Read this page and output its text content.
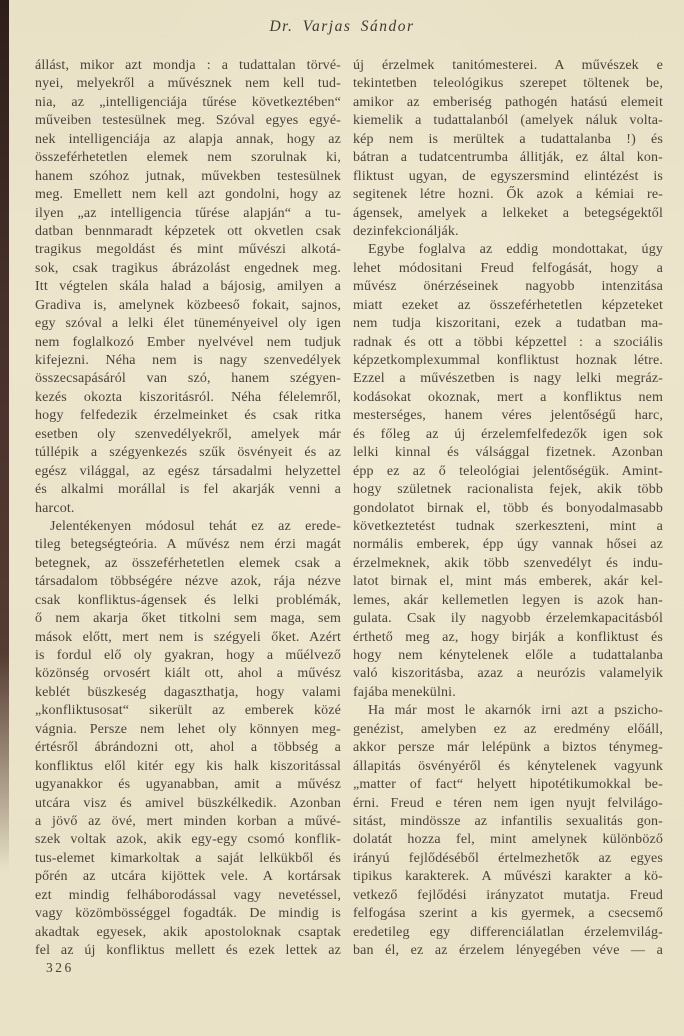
Dr. Varjas Sándor
állást, mikor azt mondja : a tudattalan törvé-
nyei, melyekről a művésznek nem kell tud-
nia, az „intelligenciája tűrése következtében“
műveiben testesülnek meg. Szóval egyes egyé-
nek intelligenciája az alapja annak, hogy az
összeférhetetlen elemek nem szorulnak ki,
hanem szóhoz jutnak, művekben testesülnek
meg. Emellett nem kell azt gondolni, hogy az
ilyen „az intelligencia tűrése alapján“ a tu-
datban bennmaradt képzetek ott okvetlen csak
tragikus megoldást és mint művészi alkotá-
sok, csak tragikus ábrázolást engednek meg.
Itt végtelen skála halad a bájosig, amilyen a
Gradiva is, amelynek közbeeső fokait, sajnos,
egy szóval a lelki élet tüneményeivel oly igen
nem foglalkozó Ember nyelvével nem tudjuk
kifejezni. Néha nem is nagy szenvedélyek
összecsapásáról van szó, hanem szégyen-
kezés okozta kiszoritásról. Néha félelemről,
hogy felfedezik érzelmeinket és csak ritka
esetben oly szenvedélyekről, amelyek már
túllépik a szégyenkezés szűk ösvényeit és az
egész világgal, az egész társadalmi helyzettel
és alkalmi morállal is fel akarják venni a
harcot.
Jelentékenyen módosul tehát ez az erede-
tileg betegségteória. A művész nem érzi magát
betegnek, az összeférhetetlen elemek csak a
társadalom többségére nézve azok, rája nézve
csak konfliktus-ágensek és lelki problémák,
ő nem akarja őket titkolni sem maga, sem
mások előtt, mert nem is szégyeli őket. Azért
is fordul elő oly gyakran, hogy a műélvező
közönség orvosért kiált ott, ahol a művész
keblét büszkeség dagaszthatja, hogy valami
„konfliktusosat“ sikerült az emberek közé
vágnia. Persze nem lehet oly könnyen meg-
értésről ábrándozni ott, ahol a többség a
konfliktus elől kitér egy kis halk kiszoritással
ugyanakkor és ugyanabban, amit a művész
utcára visz és amivel büszkélkedik. Azonban
a jövő az övé, mert minden korban a művé-
szek voltak azok, akik egy-egy csomó konflik-
tus-elemet kimarkoltak a saját lelkükből és
pőrén az utcára kijöttek vele. A kortársak
ezt mindig felháborodással vagy nevetéssel,
vagy közömbösséggel fogadták. De mindig is
akadtak egyesek, akik apostoloknak csaptak
fel az új konfliktus mellett és ezek lettek az
új érzelmek tanitómesterei. A művészek e
tekintetben teleológikus szerepet töltenek be,
amikor az emberiség pathogén hatású elemeit
kiemelik a tudattalanból (amelyek náluk volta-
kép nem is merültek a tudattalanba !) és
bátran a tudatcentrumba állitják, ez által kon-
fliktust ugyan, de egyszersmind elintézést is
segitenek létre hozni. Ők azok a kémiai re-
ágensek, amelyek a lelkeket a betegségektől
dezinfekcionálják.
Egybe foglalva az eddig mondottakat, úgy
lehet módositani Freud felfogását, hogy a
művész önérzéseinek nagyobb intenzitása
miatt ezeket az összeférhetetlen képzeteket
nem tudja kiszoritani, ezek a tudatban ma-
radnak és ott a többi képzettel : a szociális
képzetkomplexummal konfliktust hoznak létre.
Ezzel a művészetben is nagy lelki megráz-
kodásokat okoznak, mert a konfliktus nem
mesterséges, hanem véres jelentőségű harc,
és főleg az új érzelemfelfedezők igen sok
lelki kinnal és válsággal fizetnek. Azonban
épp ez az ő teleológiai jelentőségük. Amint-
hogy születnek racionalista fejek, akik több
gondolatot birnak el, több és bonyodalmasabb
következtetést tudnak szerkeszteni, mint a
normális emberek, épp úgy vannak hősei az
érzelmeknek, akik több szenvedélyt és indu-
latot birnak el, mint más emberek, akár kel-
lemes, akár kellemetlen legyen is azok han-
gulata. Csak ily nagyobb érzelemkapacitásból
érthető meg az, hogy birják a konfliktust és
hogy nem kénytelenek előle a tudattalanba
való kiszoritásba, azaz a neurózis valamelyik
fajába menekülni.
Ha már most le akarnók irni azt a pszicho-
genézist, amelyben ez az eredmény előáll,
akkor persze már lelépünk a biztos ténymeg-
állapitás ösvényéről és kénytelenek vagyunk
„matter of fact“ helyett hipotétikumokkal be-
érni. Freud e téren nem igen nyujt felvilágo-
sitást, mindössze az infantilis sexualitás gon-
dolatát hozza fel, mint amelynek különböző
irányú fejlődéséből értelmezhetők az egyes
tipikus karakterek. A művészi karakter a kö-
vetkező fejlődési irányzatot mutatja. Freud
felfogása szerint a kis gyermek, a csecsemő
eredetileg egy differenciálatlan érzelemvilág-
ban él, ez az érzelem lényegében véve — a
326
